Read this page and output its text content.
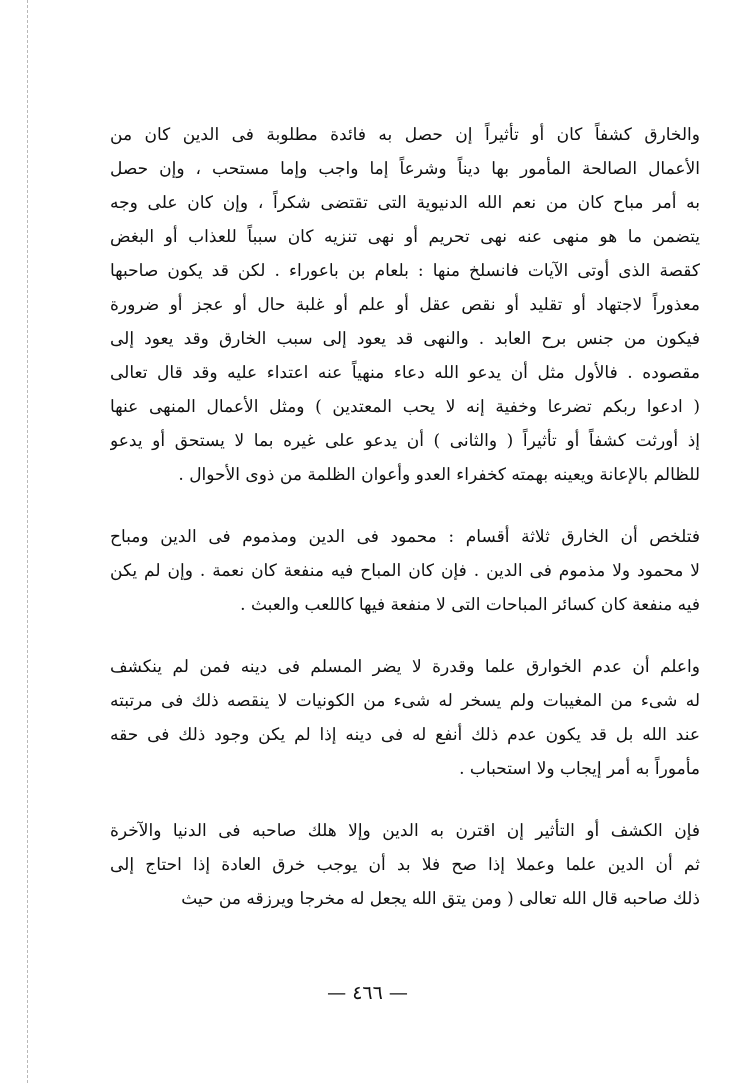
والخارق كشفاً كان أو تأثيراً إن حصل به فائدة مطلوبة فى الدين كان من
الأعمال الصالحة المأمور بها ديناً وشرعاً إما واجب وإما مستحب ، وإن حصل
به أمر مباح كان من نعم الله الدنيوية التى تقتضى شكراً ، وإن كان على وجه
يتضمن ما هو منهى عنه نهى تحريم أو نهى تنزيه كان سبباً للعذاب أو البغض
كقصة الذى أوتى الآيات فانسلخ منها : بلعام بن باعوراء . لكن قد يكون صاحبها
معذوراً لاجتهاد أو تقليد أو نقص عقل أو علم أو غلبة حال أو عجز أو ضرورة
فيكون من جنس برح العابد . والنهى قد يعود إلى سبب الخارق وقد يعود إلى
مقصوده . فالأول مثل أن يدعو الله دعاء منهياً عنه اعتداء عليه وقد قال تعالى
( ادعوا ربكم تضرعا وخفية إنه لا يحب المعتدين ) ومثل الأعمال المنهى عنها
إذ أورثت كشفاً أو تأثيراً ( والثانى ) أن يدعو على غيره بما لا يستحق أو يدعو
للظالم بالإعانة ويعينه بهمته كخفراء العدو وأعوان الظلمة من ذوى الأحوال .
فتلخص أن الخارق ثلاثة أقسام : محمود فى الدين ومذموم فى الدين ومباح
لا محمود ولا مذموم فى الدين . فإن كان المباح فيه منفعة كان نعمة . وإن لم يكن
فيه منفعة كان كسائر المباحات التى لا منفعة فيها كاللعب والعبث .
واعلم أن عدم الخوارق علما وقدرة لا يضر المسلم فى دينه فمن لم ينكشف
له شىء من المغيبات ولم يسخر له شىء من الكونيات لا ينقصه ذلك فى مرتبته
عند الله بل قد يكون عدم ذلك أنفع له فى دينه إذا لم يكن وجود ذلك فى حقه
مأموراً به أمر إيجاب ولا استحباب .
فإن الكشف أو التأثير إن اقترن به الدين وإلا هلك صاحبه فى الدنيا والآخرة
ثم أن الدين علما وعملا إذا صح فلا بد أن يوجب خرق العادة إذا احتاج إلى
ذلك صاحبه قال الله تعالى ( ومن يتق الله يجعل له مخرجا ويرزقه من حيث
— ٤٦٦ —
